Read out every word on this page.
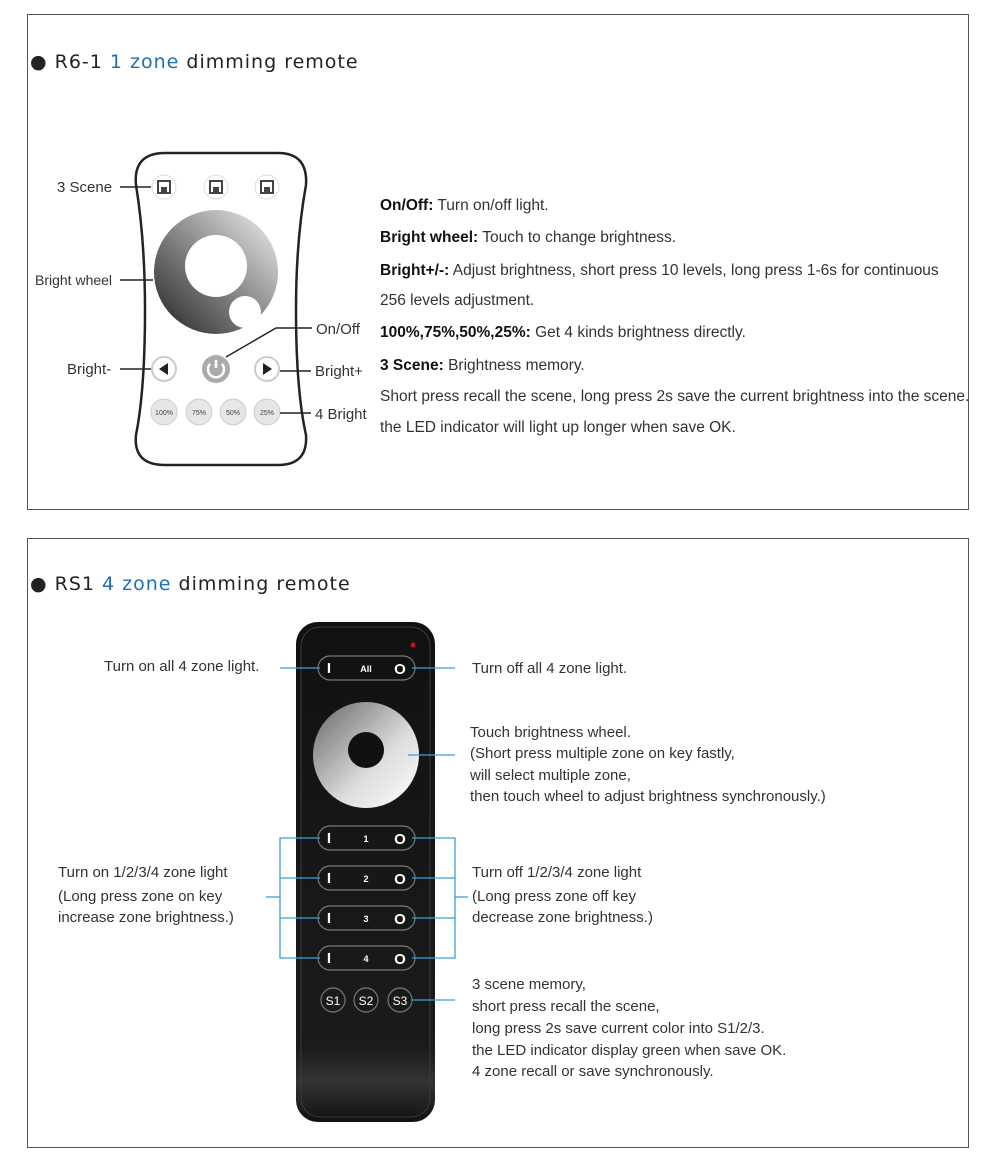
● R6-1 1 zone dimming remote
● RS1 4 zone dimming remote
100%	75%	50%	25%
I	All O
I	1 O
I	2 O
I	3 O
I	4 O
S1 S2 S3
3 Scene
Bright wheel
Bright-
On/Off
Bright+
4 Bright
On/Off: Turn on/off light.
Bright wheel: Touch to change brightness.
Bright+/-: Adjust brightness, short press 10 levels, long press 1-6s for continuous
256 levels adjustment.
100%,75%,50%,25%: Get 4 kinds brightness directly.
3 Scene: Brightness memory.
Short press recall the scene, long press 2s save the current brightness into the scene.
the LED indicator will light up longer when save OK.
Turn on all 4 zone light.	Turn off all 4 zone light.
Touch brightness wheel.
(Short press multiple zone on key fastly,
will select multiple zone,
then touch wheel to adjust brightness synchronously.)
Turn on 1/2/3/4 zone light
(Long press zone on key
increase zone brightness.)
Turn off 1/2/3/4 zone light
(Long press zone off key
decrease zone brightness.)
3 scene memory,
short press recall the scene,
long press 2s save current color into S1/2/3.
the LED indicator display green when save OK.
4 zone recall or save synchronously.
